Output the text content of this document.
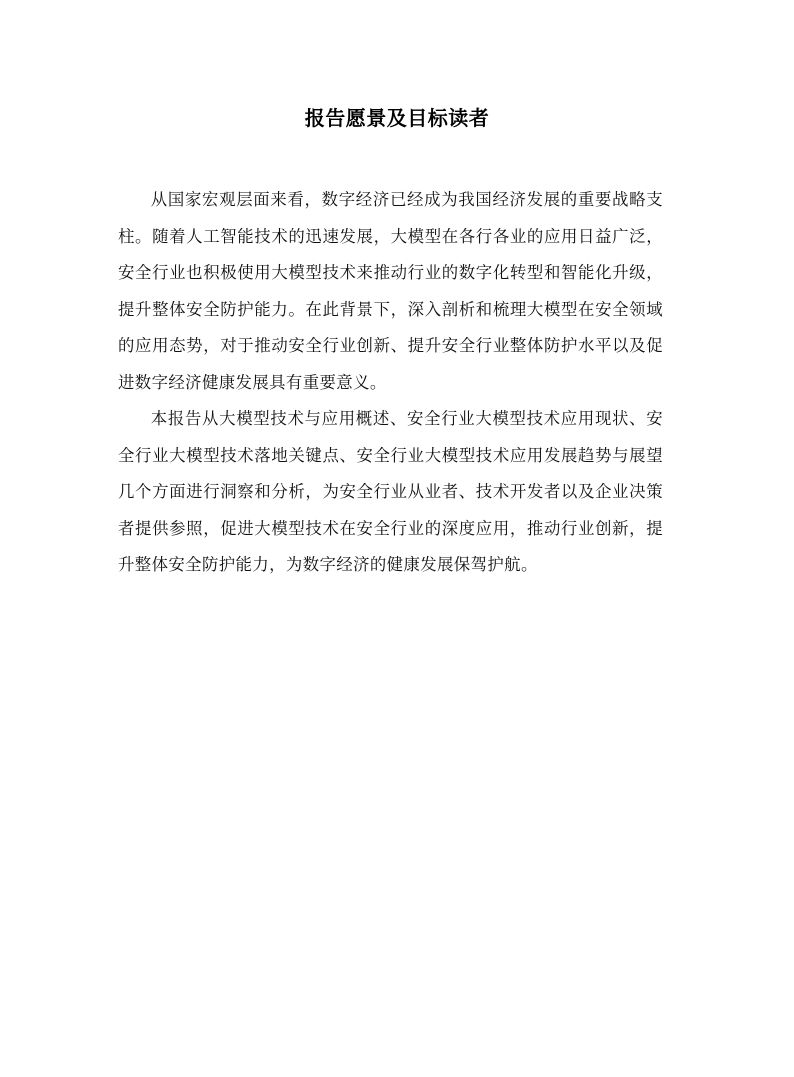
报告愿景及目标读者

从国家宏观层面来看，数字经济已经成为我国经济发展的重要战略支柱。随着人工智能技术的迅速发展，大模型在各行各业的应用日益广泛，安全行业也积极使用大模型技术来推动行业的数字化转型和智能化升级，提升整体安全防护能力。在此背景下，深入剖析和梳理大模型在安全领域的应用态势，对于推动安全行业创新、提升安全行业整体防护水平以及促进数字经济健康发展具有重要意义。

本报告从大模型技术与应用概述、安全行业大模型技术应用现状、安全行业大模型技术落地关键点、安全行业大模型技术应用发展趋势与展望几个方面进行洞察和分析，为安全行业从业者、技术开发者以及企业决策者提供参照，促进大模型技术在安全行业的深度应用，推动行业创新，提升整体安全防护能力，为数字经济的健康发展保驾护航。
